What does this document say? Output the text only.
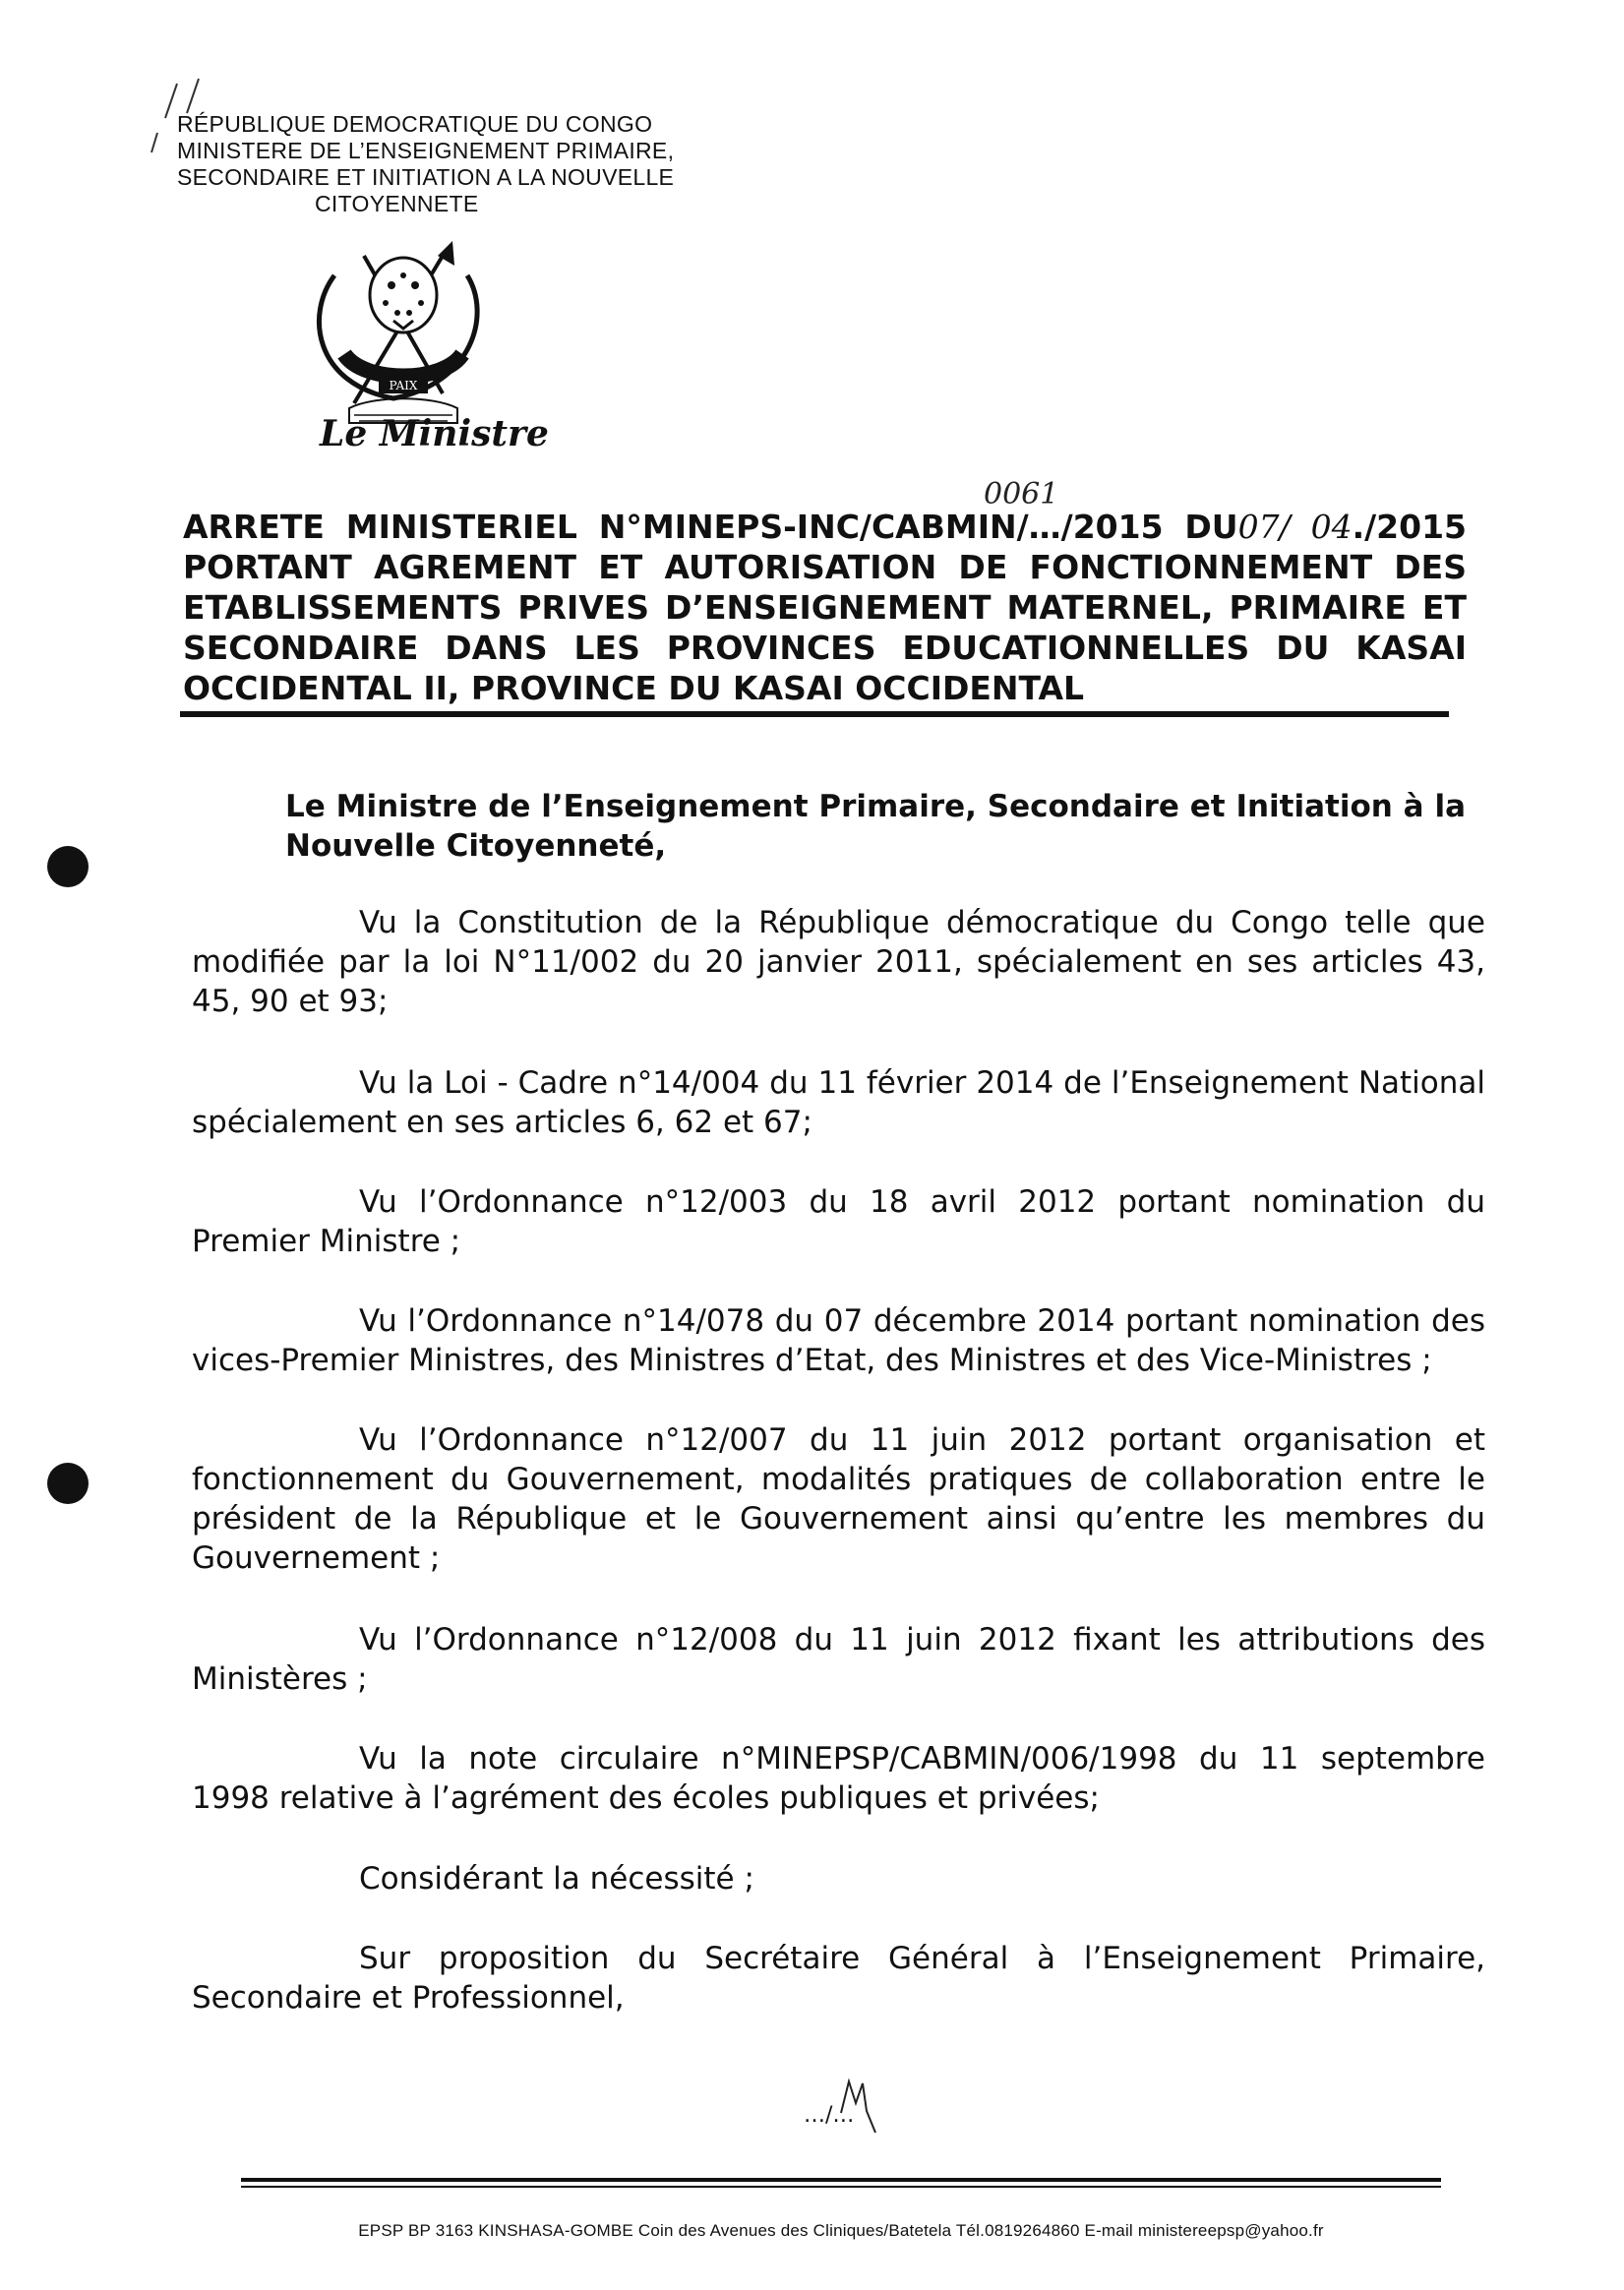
RÉPUBLIQUE DEMOCRATIQUE DU CONGO
MINISTERE DE L’ENSEIGNEMENT PRIMAIRE,
SECONDAIRE ET INITIATION A LA NOUVELLE
CITOYENNETE
PAIX
Le Ministre
0061
ARRETE MINISTERIEL N°MINEPS-INC/CABMIN/…/2015 DU07/ 04./2015
PORTANT AGREMENT ET AUTORISATION DE FONCTIONNEMENT DES
ETABLISSEMENTS PRIVES D’ENSEIGNEMENT MATERNEL, PRIMAIRE ET
SECONDAIRE DANS LES PROVINCES EDUCATIONNELLES DU KASAI
OCCIDENTAL II, PROVINCE DU KASAI OCCIDENTAL
Le Ministre de l’Enseignement Primaire, Secondaire et Initiation à la
Nouvelle Citoyenneté,
Vu la Constitution de la République démocratique du Congo telle que modifiée par la loi N°11/002 du 20 janvier 2011, spécialement en ses articles 43, 45, 90 et 93;
Vu la Loi - Cadre n°14/004 du 11 février 2014 de l’Enseignement National spécialement en ses articles 6, 62 et 67;
Vu l’Ordonnance n°12/003 du 18 avril 2012 portant nomination du Premier Ministre ;
Vu l’Ordonnance n°14/078 du 07 décembre 2014 portant nomination des vices-Premier Ministres, des Ministres d’Etat, des Ministres et des Vice-Ministres ;
Vu l’Ordonnance n°12/007 du 11 juin 2012 portant organisation et fonctionnement du Gouvernement, modalités pratiques de collaboration entre le président de la République et le Gouvernement ainsi qu’entre les membres du Gouvernement ;
Vu l’Ordonnance n°12/008 du 11 juin 2012 fixant les attributions des Ministères ;
Vu la note circulaire n°MINEPSP/CABMIN/006/1998 du 11 septembre 1998 relative à l’agrément des écoles publiques et privées;
Considérant la nécessité ;
Sur proposition du Secrétaire Général à l’Enseignement Primaire, Secondaire et Professionnel,
…/…
EPSP BP 3163 KINSHASA-GOMBE Coin des Avenues des Cliniques/Batetela Tél.0819264860 E-mail ministereepsp@yahoo.fr
